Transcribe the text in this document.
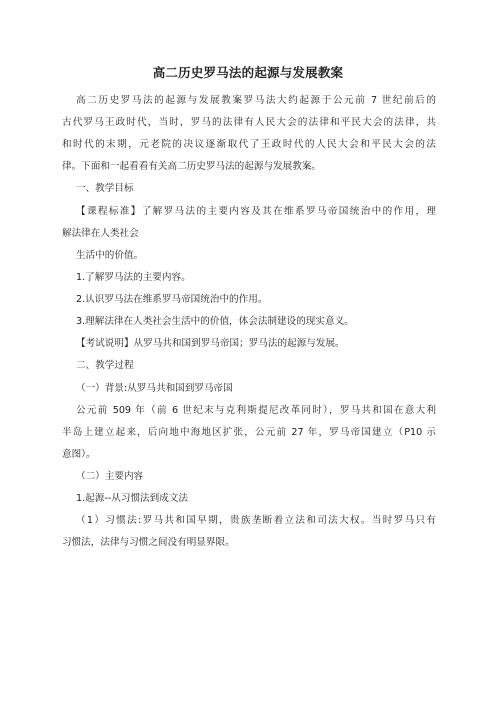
高二历史罗马法的起源与发展教案
高二历史罗马法的起源与发展教案罗马法大约起源于公元前 7 世纪前后的
古代罗马王政时代，当时，罗马的法律有人民大会的法律和平民大会的法律，共
和时代的末期，元老院的决议逐渐取代了王政时代的人民大会和平民大会的法
律。下面和一起看看有关高二历史罗马法的起源与发展教案。
一、教学目标
【课程标准】了解罗马法的主要内容及其在维系罗马帝国统治中的作用，理
解法律在人类社会
生活中的价值。
1.了解罗马法的主要内容。
2.认识罗马法在维系罗马帝国统治中的作用。
3.理解法律在人类社会生活中的价值，体会法制建设的现实意义。
【考试说明】从罗马共和国到罗马帝国；罗马法的起源与发展。
二、教学过程
（一）背景:从罗马共和国到罗马帝国
公元前 509 年（前 6 世纪末与克利斯提尼改革同时），罗马共和国在意大利
半岛上建立起来，后向地中海地区扩张，公元前 27 年，罗马帝国建立（P10 示
意图）。
（二）主要内容
1.起源--从习惯法到成文法
（1）习惯法:罗马共和国早期，贵族垄断着立法和司法大权。当时罗马只有
习惯法，法律与习惯之间没有明显界限。
